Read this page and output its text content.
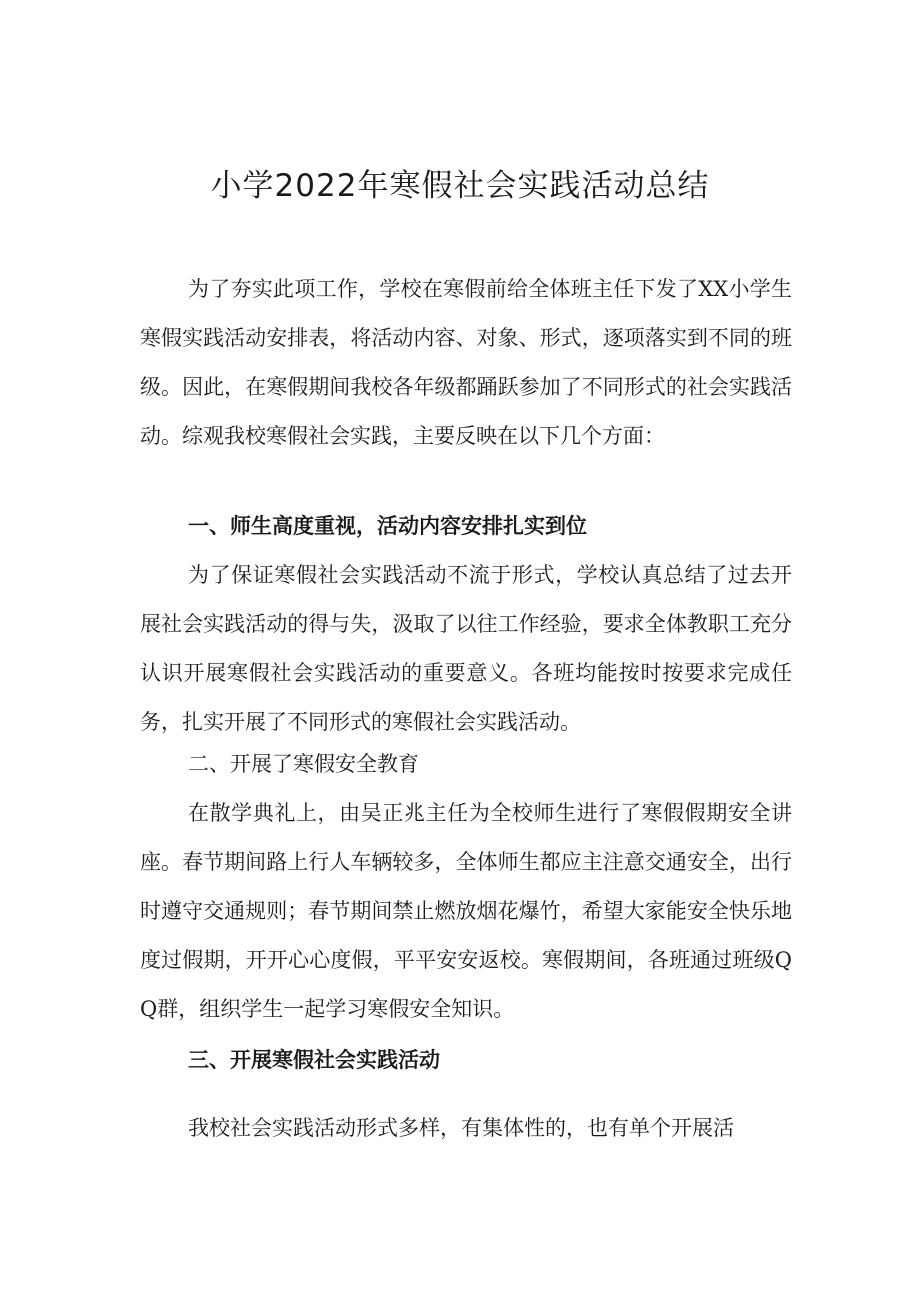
小学2022年寒假社会实践活动总结

为了夯实此项工作，学校在寒假前给全体班主任下发了XX小学生寒假实践活动安排表，将活动内容、对象、形式，逐项落实到不同的班级。因此，在寒假期间我校各年级都踊跃参加了不同形式的社会实践活动。综观我校寒假社会实践，主要反映在以下几个方面：

一、师生高度重视，活动内容安排扎实到位

为了保证寒假社会实践活动不流于形式，学校认真总结了过去开展社会实践活动的得与失，汲取了以往工作经验，要求全体教职工充分认识开展寒假社会实践活动的重要意义。各班均能按时按要求完成任务，扎实开展了不同形式的寒假社会实践活动。

二、开展了寒假安全教育

在散学典礼上，由吴正兆主任为全校师生进行了寒假假期安全讲座。春节期间路上行人车辆较多，全体师生都应主注意交通安全，出行时遵守交通规则；春节期间禁止燃放烟花爆竹，希望大家能安全快乐地度过假期，开开心心度假，平平安安返校。寒假期间，各班通过班级QQ群，组织学生一起学习寒假安全知识。

三、开展寒假社会实践活动

我校社会实践活动形式多样，有集体性的，也有单个开展活
